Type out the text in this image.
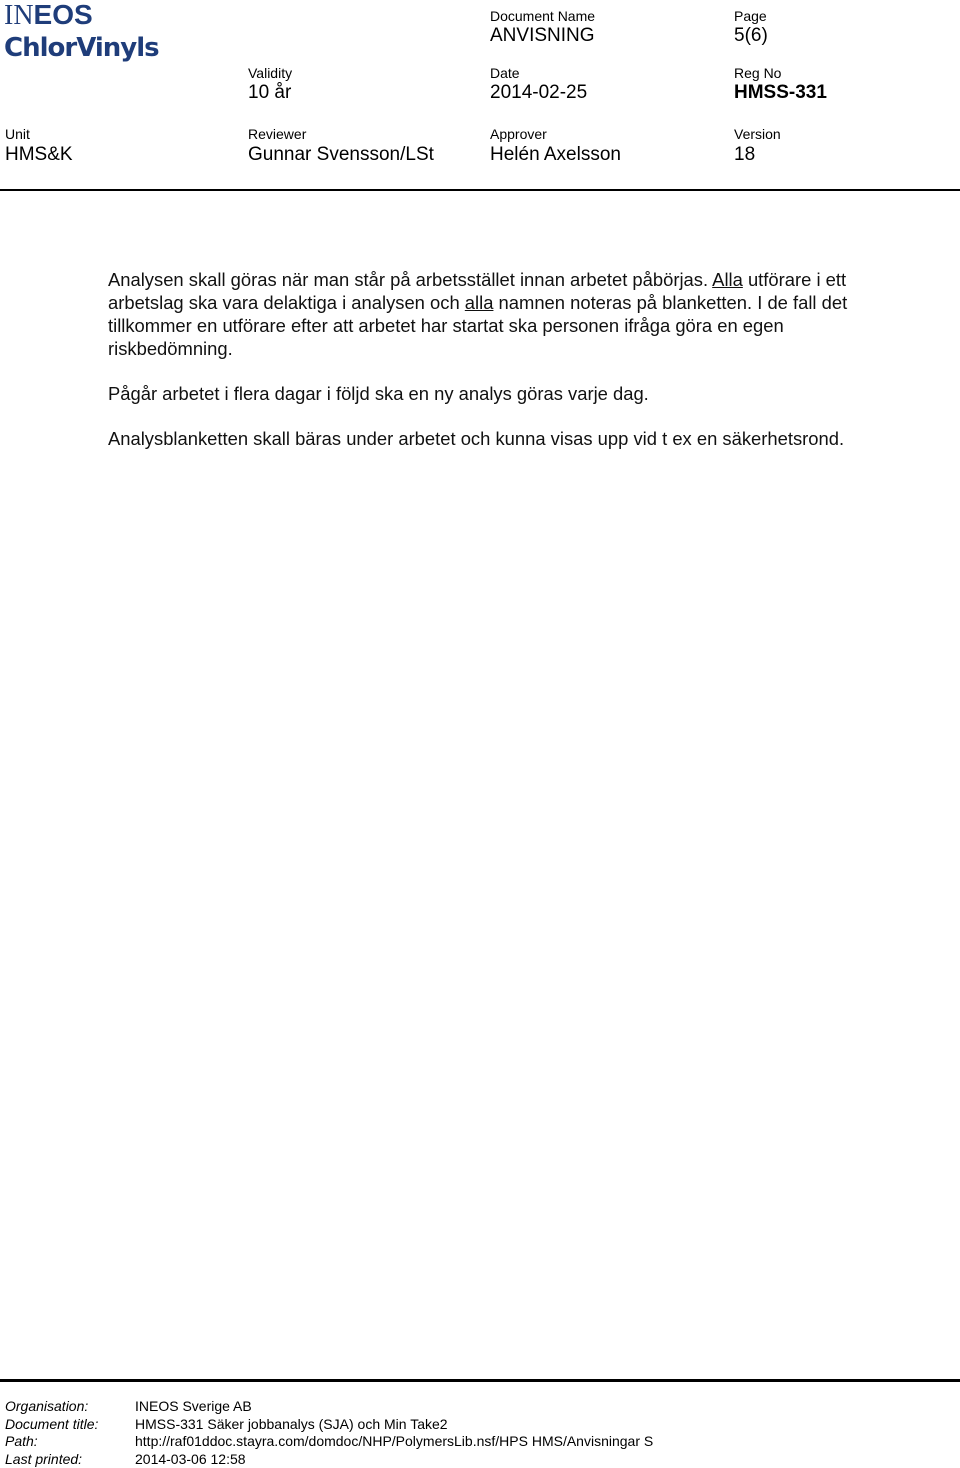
INEOS
ChlorVinyls
Document Name
ANVISNING
Page
5(6)
Validity
10 år
Date
2014-02-25
Reg No
HMSS-331
Unit
HMS&K
Reviewer
Gunnar Svensson/LSt
Approver
Helén Axelsson
Version
18

Analysen skall göras när man står på arbetsstället innan arbetet påbörjas. Alla utförare i ett arbetslag ska vara delaktiga i analysen och alla namnen noteras på blanketten. I de fall det tillkommer en utförare efter att arbetet har startat ska personen ifråga göra en egen riskbedömning.

Pågår arbetet i flera dagar i följd ska en ny analys göras varje dag.

Analysblanketten skall bäras under arbetet och kunna visas upp vid t ex en säkerhetsrond.

Organisation:	INEOS Sverige AB
Document title:	HMSS-331 Säker jobbanalys (SJA) och Min Take2
Path:	http://raf01ddoc.stayra.com/domdoc/NHP/PolymersLib.nsf/HPS HMS/Anvisningar S
Last printed:	2014-03-06 12:58
